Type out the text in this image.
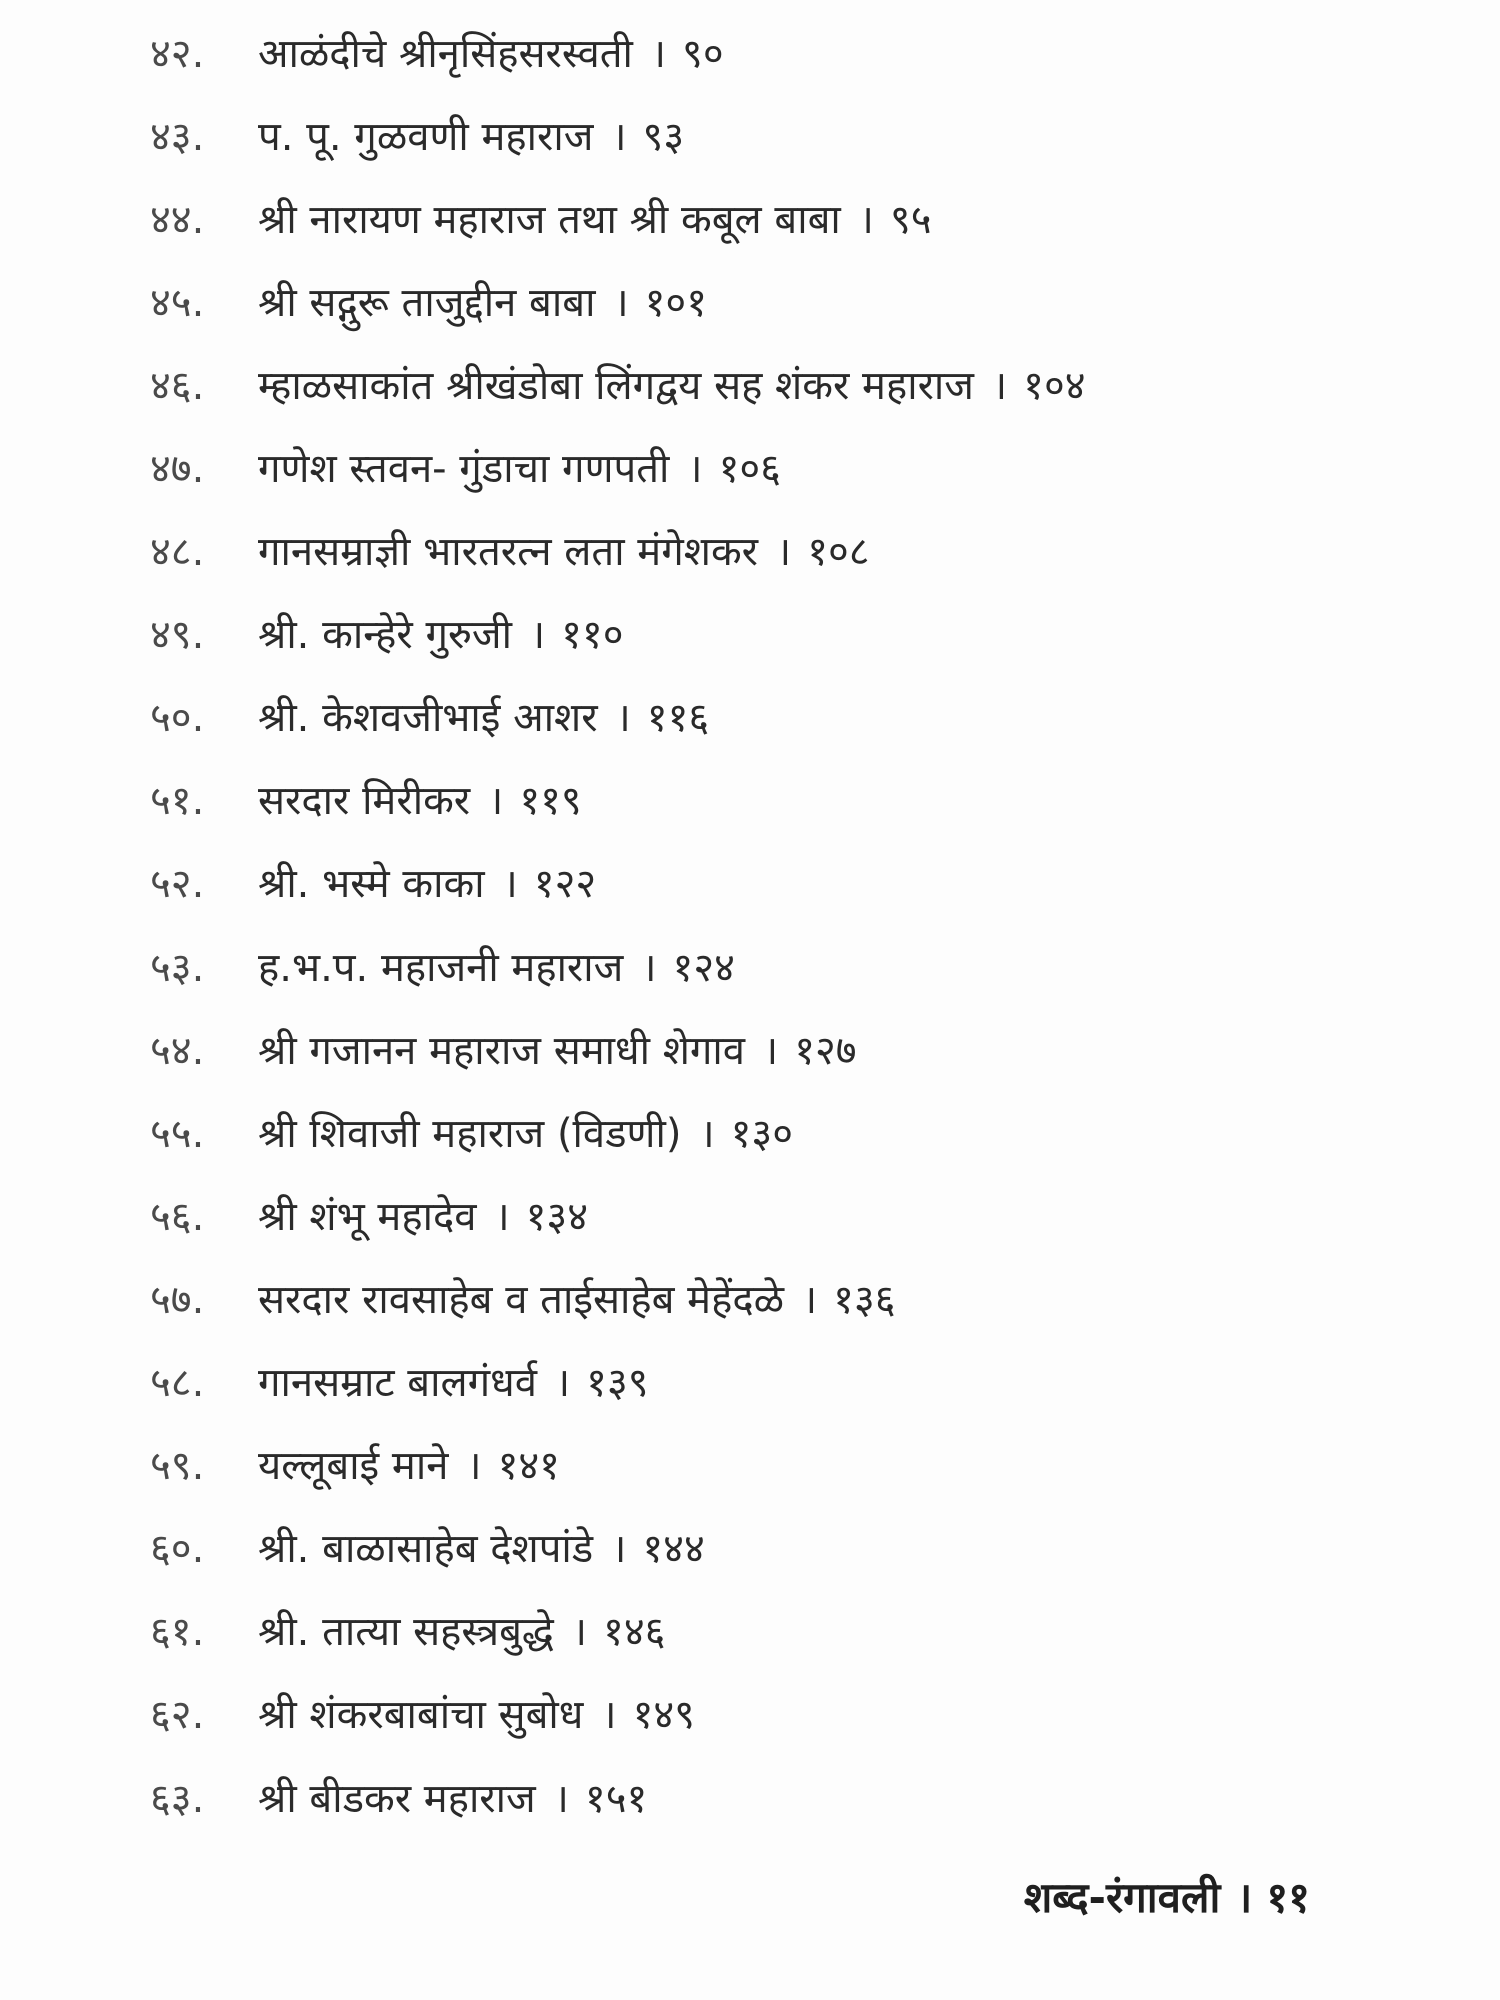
४२.	आळंदीचे श्रीनृसिंहसरस्वती । ९०
४३.	प. पू. गुळवणी महाराज । ९३
४४.	श्री नारायण महाराज तथा श्री कबूल बाबा । ९५
४५.	श्री सद्गुरू ताजुद्दीन बाबा । १०१
४६.	म्हाळसाकांत श्रीखंडोबा लिंगद्वय सह शंकर महाराज । १०४
४७.	गणेश स्तवन- गुंडाचा गणपती । १०६
४८.	गानसम्राज्ञी भारतरत्न लता मंगेशकर । १०८
४९.	श्री. कान्हेरे गुरुजी । ११०
५०.	श्री. केशवजीभाई आशर । ११६
५१.	सरदार मिरीकर । ११९
५२.	श्री. भस्मे काका । १२२
५३.	ह.भ.प. महाजनी महाराज । १२४
५४.	श्री गजानन महाराज समाधी शेगाव । १२७
५५.	श्री शिवाजी महाराज (विडणी) । १३०
५६.	श्री शंभू महादेव । १३४
५७.	सरदार रावसाहेब व ताईसाहेब मेहेंदळे । १३६
५८.	गानसम्राट बालगंधर्व । १३९
५९.	यल्लूबाई माने । १४१
६०.	श्री. बाळासाहेब देशपांडे । १४४
६१.	श्री. तात्या सहस्त्रबुद्धे । १४६
६२.	श्री शंकरबाबांचा सुबोध । १४९
६३.	श्री बीडकर महाराज । १५१
शब्द-रंगावली । ११
